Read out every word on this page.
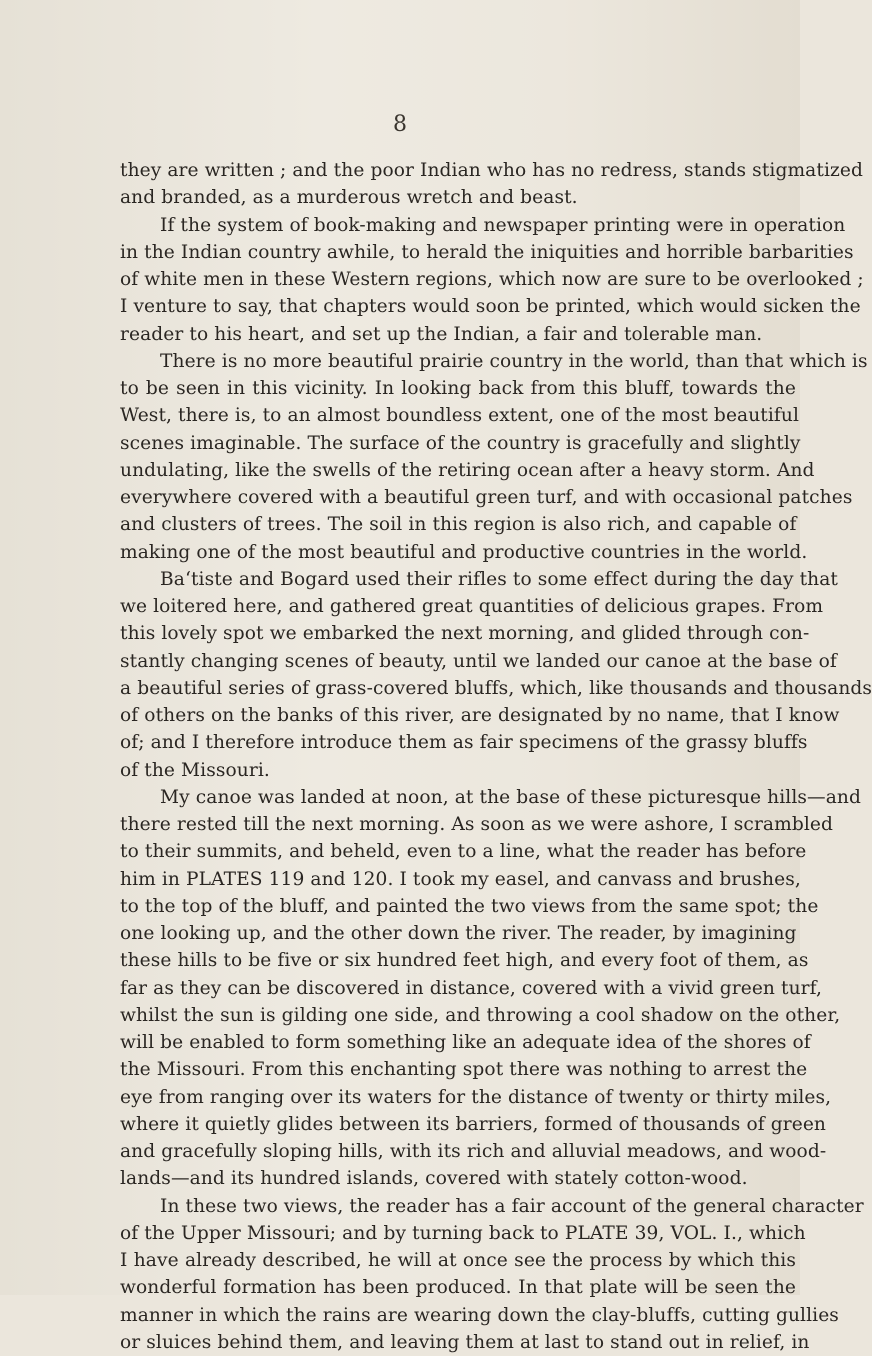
8
they are written ; and the poor Indian who has no redress, stands stigmatized
and branded, as a murderous wretch and beast.
If the system of book-making and newspaper printing were in operation
in the Indian country awhile, to herald the iniquities and horrible barbarities
of white men in these Western regions, which now are sure to be overlooked ;
I venture to say, that chapters would soon be printed, which would sicken the
reader to his heart, and set up the Indian, a fair and tolerable man.
There is no more beautiful prairie country in the world, than that which is
to be seen in this vicinity. In looking back from this bluff, towards the
West, there is, to an almost boundless extent, one of the most beautiful
scenes imaginable. The surface of the country is gracefully and slightly
undulating, like the swells of the retiring ocean after a heavy storm. And
everywhere covered with a beautiful green turf, and with occasional patches
and clusters of trees. The soil in this region is also rich, and capable of
making one of the most beautiful and productive countries in the world.
Ba‘tiste and Bogard used their rifles to some effect during the day that
we loitered here, and gathered great quantities of delicious grapes. From
this lovely spot we embarked the next morning, and glided through con-
stantly changing scenes of beauty, until we landed our canoe at the base of
a beautiful series of grass-covered bluffs, which, like thousands and thousands
of others on the banks of this river, are designated by no name, that I know
of; and I therefore introduce them as fair specimens of the grassy bluffs
of the Missouri.
My canoe was landed at noon, at the base of these picturesque hills—and
there rested till the next morning. As soon as we were ashore, I scrambled
to their summits, and beheld, even to a line, what the reader has before
him in PLATES 119 and 120. I took my easel, and canvass and brushes,
to the top of the bluff, and painted the two views from the same spot; the
one looking up, and the other down the river. The reader, by imagining
these hills to be five or six hundred feet high, and every foot of them, as
far as they can be discovered in distance, covered with a vivid green turf,
whilst the sun is gilding one side, and throwing a cool shadow on the other,
will be enabled to form something like an adequate idea of the shores of
the Missouri. From this enchanting spot there was nothing to arrest the
eye from ranging over its waters for the distance of twenty or thirty miles,
where it quietly glides between its barriers, formed of thousands of green
and gracefully sloping hills, with its rich and alluvial meadows, and wood-
lands—and its hundred islands, covered with stately cotton-wood.
In these two views, the reader has a fair account of the general character
of the Upper Missouri; and by turning back to PLATE 39, VOL. I., which
I have already described, he will at once see the process by which this
wonderful formation has been produced. In that plate will be seen the
manner in which the rains are wearing down the clay-bluffs, cutting gullies
or sluices behind them, and leaving them at last to stand out in relief, in
